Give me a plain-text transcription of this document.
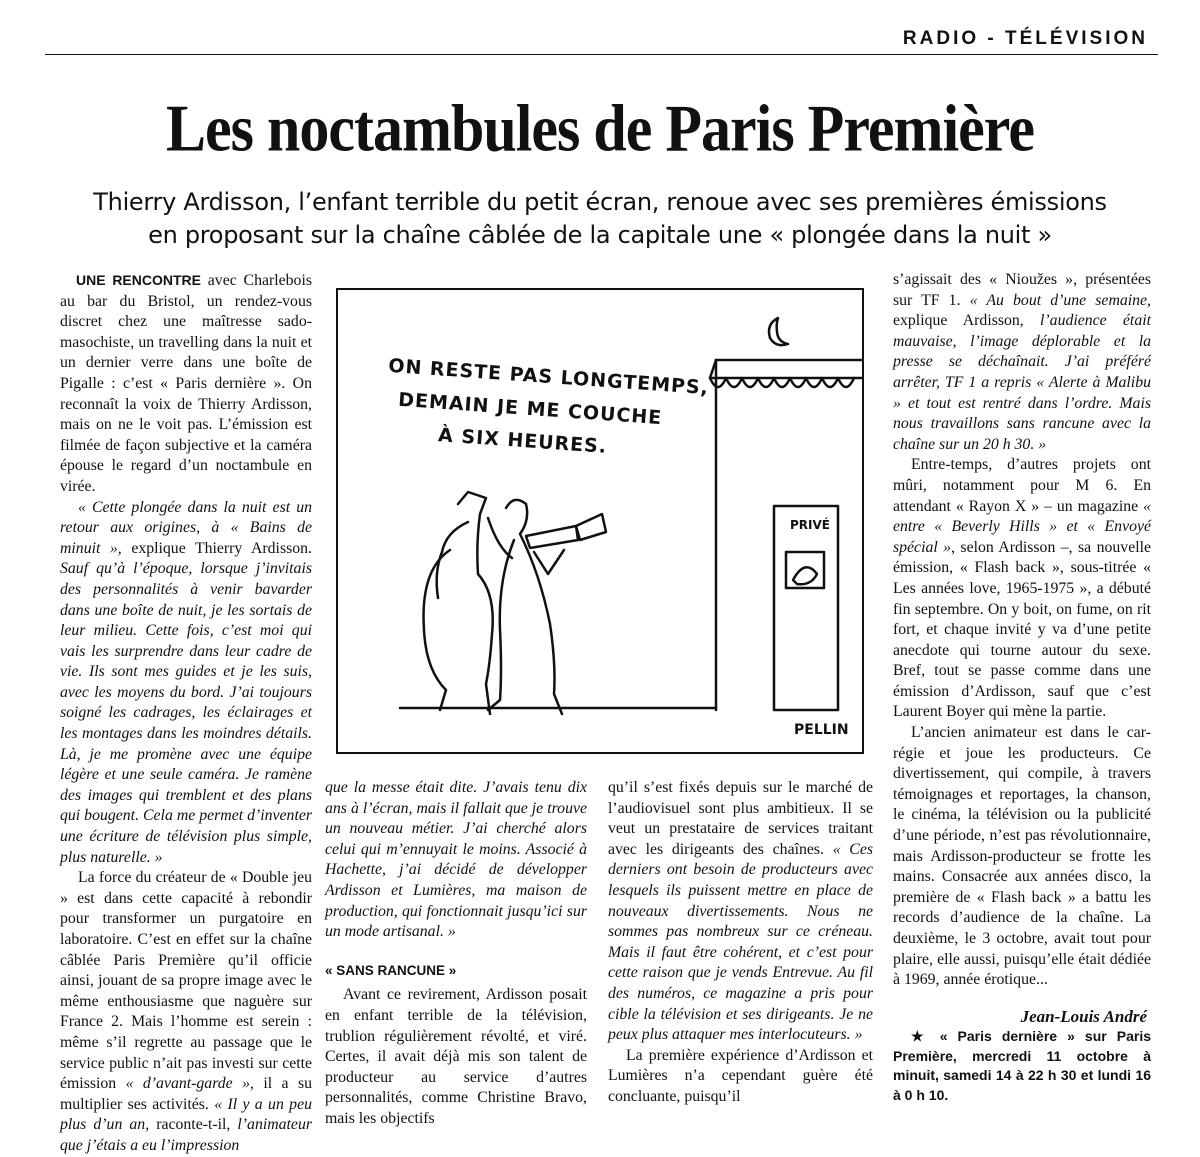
RADIO - TÉLÉVISION
Les noctambules de Paris Première
Thierry Ardisson, l’enfant terrible du petit écran, renoue avec ses premières émissions
en proposant sur la chaîne câblée de la capitale une « plongée dans la nuit »

UNE RENCONTRE avec Charlebois au bar du Bristol, un rendez-vous discret chez une maîtresse sado-masochiste, un travelling dans la nuit et un dernier verre dans une boîte de Pigalle : c’est « Paris dernière ». On reconnaît la voix de Thierry Ardisson, mais on ne le voit pas. L’émission est filmée de façon subjective et la caméra épouse le regard d’un noctambule en virée.

« Cette plongée dans la nuit est un retour aux origines, à « Bains de minuit », explique Thierry Ardisson. Sauf qu’à l’époque, lorsque j’invitais des personnalités à venir bavarder dans une boîte de nuit, je les sortais de leur milieu. Cette fois, c’est moi qui vais les surprendre dans leur cadre de vie. Ils sont mes guides et je les suis, avec les moyens du bord. J’ai toujours soigné les cadrages, les éclairages et les montages dans les moindres détails. Là, je me promène avec une équipe légère et une seule caméra. Je ramène des images qui tremblent et des plans qui bougent. Cela me permet d’inventer une écriture de télévision plus simple, plus naturelle. »

La force du créateur de « Double jeu » est dans cette capacité à rebondir pour transformer un purgatoire en laboratoire. C’est en effet sur la chaîne câblée Paris Première qu’il officie ainsi, jouant de sa propre image avec le même enthousiasme que naguère sur France 2. Mais l’homme est serein : même s’il regrette au passage que le service public n’ait pas investi sur cette émission « d’avant-garde », il a su multiplier ses activités. « Il y a un peu plus d’un an, raconte-t-il, l’animateur que j’étais a eu l’impression

ON RESTE PAS LONGTEMPS,
DEMAIN JE ME COUCHE
À SIX HEURES.
PRIVÉ
PELLIN

que la messe était dite. J’avais tenu dix ans à l’écran, mais il fallait que je trouve un nouveau métier. J’ai cherché alors celui qui m’ennuyait le moins. Associé à Hachette, j’ai décidé de développer Ardisson et Lumières, ma maison de production, qui fonctionnait jusqu’ici sur un mode artisanal. »

« SANS RANCUNE »

Avant ce revirement, Ardisson posait en enfant terrible de la télévision, trublion régulièrement révolté, et viré. Certes, il avait déjà mis son talent de producteur au service d’autres personnalités, comme Christine Bravo, mais les objectifs

qu’il s’est fixés depuis sur le marché de l’audiovisuel sont plus ambitieux. Il se veut un prestataire de services traitant avec les dirigeants des chaînes. « Ces derniers ont besoin de producteurs avec lesquels ils puissent mettre en place de nouveaux divertissements. Nous ne sommes pas nombreux sur ce créneau. Mais il faut être cohérent, et c’est pour cette raison que je vends Entrevue. Au fil des numéros, ce magazine a pris pour cible la télévision et ses dirigeants. Je ne peux plus attaquer mes interlocuteurs. »

La première expérience d’Ardisson et Lumières n’a cependant guère été concluante, puisqu’il

s’agissait des « Nioužes », présentées sur TF 1. « Au bout d’une semaine, explique Ardisson, l’audience était mauvaise, l’image déplorable et la presse se déchaînait. J’ai préféré arrêter, TF 1 a repris « Alerte à Malibu » et tout est rentré dans l’ordre. Mais nous travaillons sans rancune avec la chaîne sur un 20 h 30. »

Entre-temps, d’autres projets ont mûri, notamment pour M 6. En attendant « Rayon X » – un magazine « entre « Beverly Hills » et « Envoyé spécial », selon Ardisson –, sa nouvelle émission, « Flash back », sous-titrée « Les années love, 1965-1975 », a débuté fin septembre. On y boit, on fume, on rit fort, et chaque invité y va d’une petite anecdote qui tourne autour du sexe. Bref, tout se passe comme dans une émission d’Ardisson, sauf que c’est Laurent Boyer qui mène la partie.

L’ancien animateur est dans le car-régie et joue les producteurs. Ce divertissement, qui compile, à travers témoignages et reportages, la chanson, le cinéma, la télévision ou la publicité d’une période, n’est pas révolutionnaire, mais Ardisson-producteur se frotte les mains. Consacrée aux années disco, la première de « Flash back » a battu les records d’audience de la chaîne. La deuxième, le 3 octobre, avait tout pour plaire, elle aussi, puisqu’elle était dédiée à 1969, année érotique...

Jean-Louis André

★ « Paris dernière » sur Paris Première, mercredi 11 octobre à minuit, samedi 14 à 22 h 30 et lundi 16 à 0 h 10.
